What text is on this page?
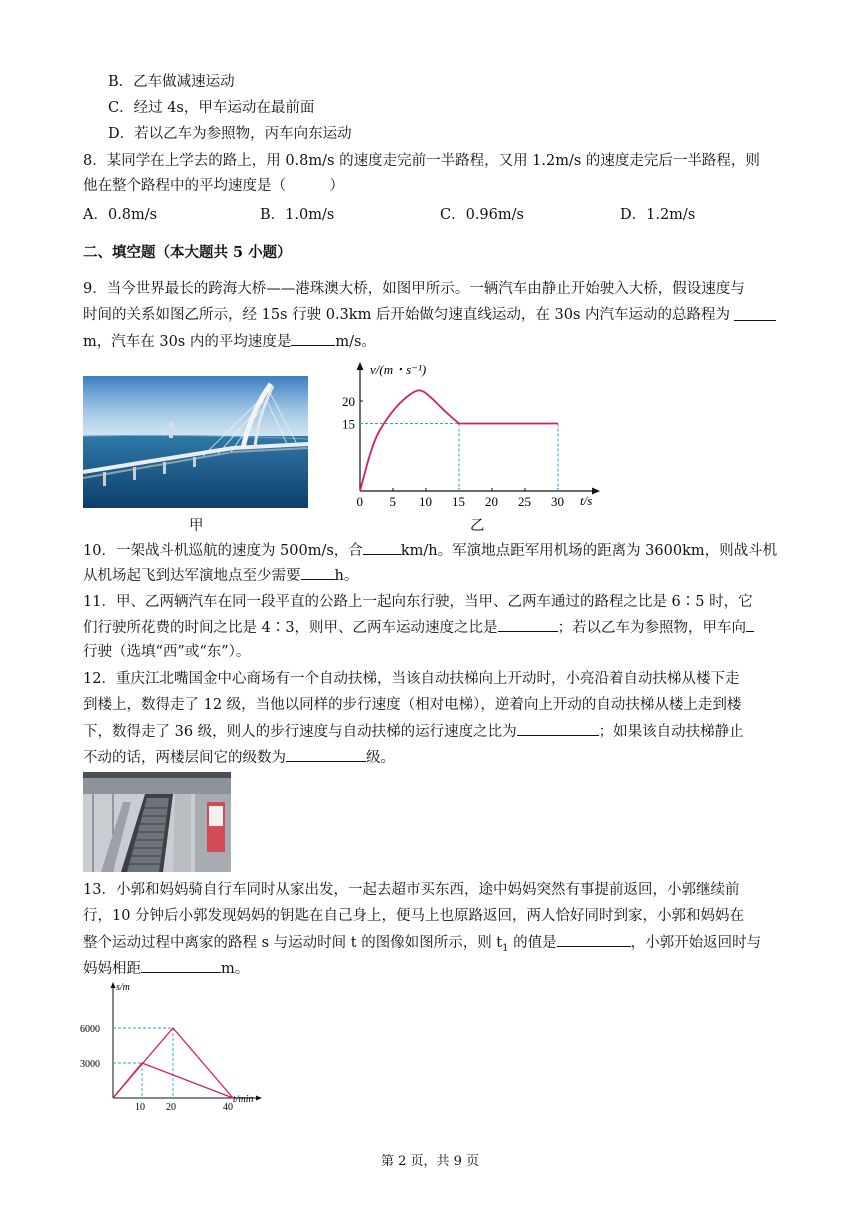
B．乙车做减速运动
C．经过 4s，甲车运动在最前面
D．若以乙车为参照物，丙车向东运动
8．某同学在上学去的路上，用 0.8m/s 的速度走完前一半路程，又用 1.2m/s 的速度走完后一半路程，则
他在整个路程中的平均速度是（　　　）
A．0.8m/s	B．1.0m/s	C．0.96m/s	D．1.2m/s
二、填空题（本大题共 5 小题）
9．当今世界最长的跨海大桥——港珠澳大桥，如图甲所示。一辆汽车由静止开始驶入大桥，假设速度与
时间的关系如图乙所示，经 15s 行驶 0.3km 后开始做匀速直线运动，在 30s 内汽车运动的总路程为
m，汽车在 30s 内的平均速度是	m/s。
甲
v/(m・s⁻¹)
t/s
0 5 10 15 20 25 30
15
20
乙
10．一架战斗机巡航的速度为 500m/s，合	km/h。军演地点距军用机场的距离为 3600km，则战斗机
从机场起飞到达军演地点至少需要 h。
11．甲、乙两辆汽车在同一段平直的公路上一起向东行驶，当甲、乙两车通过的路程之比是 6∶5 时，它
们行驶所花费的时间之比是 4∶3，则甲、乙两车运动速度之比是	；若以乙车为参照物，甲车向
行驶（选填“西”或“东”）。
12．重庆江北嘴国金中心商场有一个自动扶梯，当该自动扶梯向上开动时，小亮沿着自动扶梯从楼下走
到楼上，数得走了 12 级，当他以同样的步行速度（相对电梯），逆着向上开动的自动扶梯从楼上走到楼
下，数得走了 36 级，则人的步行速度与自动扶梯的运行速度之比为	；如果该自动扶梯静止
不动的话，两楼层间它的级数为	级。
13．小郭和妈妈骑自行车同时从家出发，一起去超市买东西，途中妈妈突然有事提前返回，小郭继续前
行，10 分钟后小郭发现妈妈的钥匙在自己身上，便马上也原路返回，两人恰好同时到家，小郭和妈妈在
整个运动过程中离家的路程 s 与运动时间 t 的图像如图所示，则 $t_1$ 的值是	，小郭开始返回时与
妈妈相距	m。
s/m
t/min
6000
3000
10 20	40
第 2 页，共 9 页
